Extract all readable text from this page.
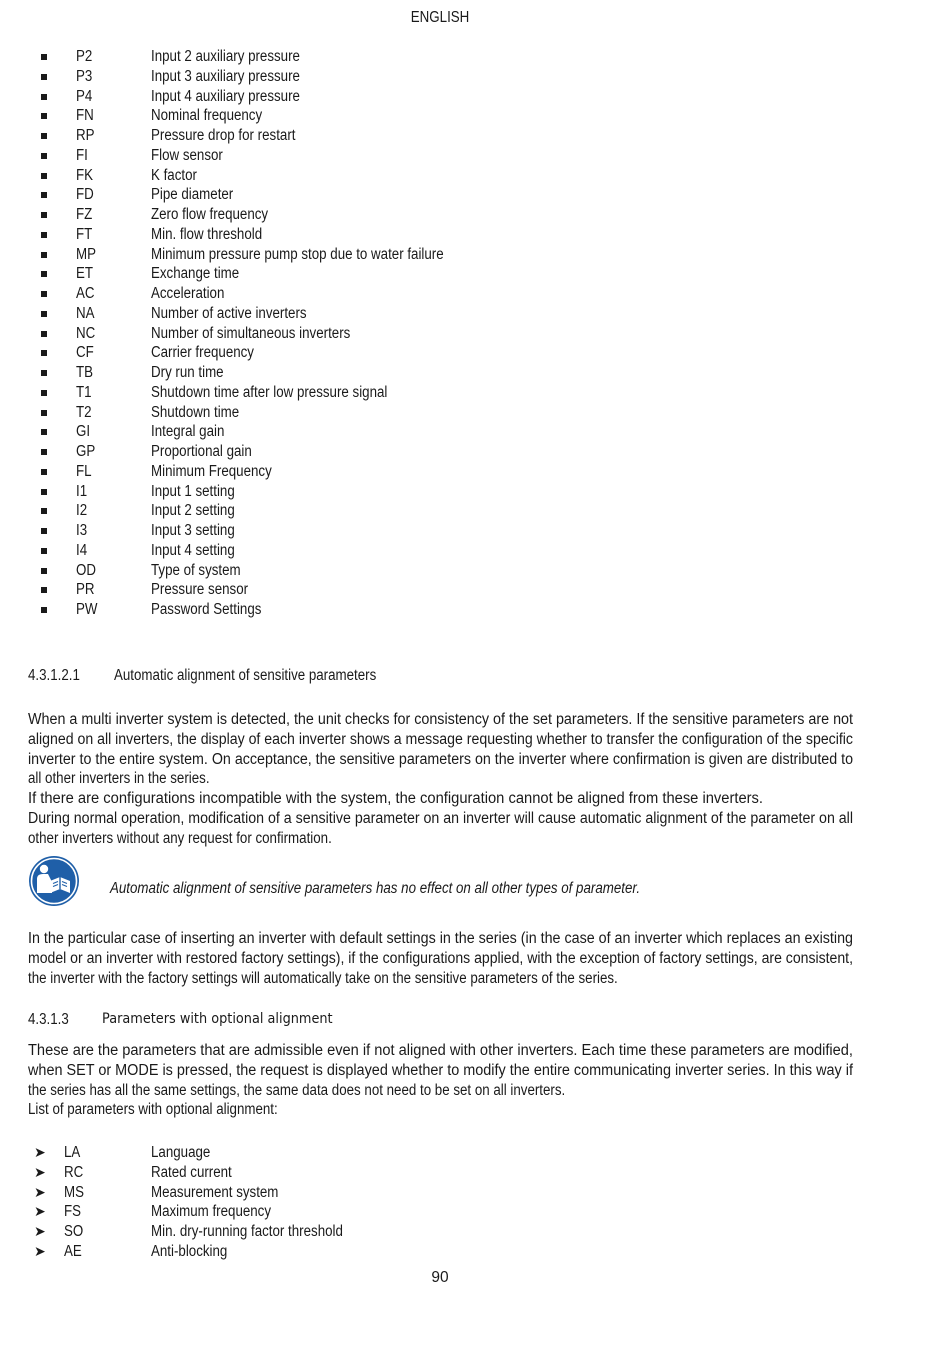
ENGLISH
P2	Input 2 auxiliary pressure
P3	Input 3 auxiliary pressure
P4	Input 4 auxiliary pressure
FN	Nominal frequency
RP	Pressure drop for restart
FI	Flow sensor
FK	K factor
FD	Pipe diameter
FZ	Zero flow frequency
FT	Min. flow threshold
MP	Minimum pressure pump stop due to water failure
ET	Exchange time
AC	Acceleration
NA	Number of active inverters
NC	Number of simultaneous inverters
CF	Carrier frequency
TB	Dry run time
T1	Shutdown time after low pressure signal
T2	Shutdown time
GI	Integral gain
GP	Proportional gain
FL	Minimum Frequency
I1	Input 1 setting
I2	Input 2 setting
I3	Input 3 setting
I4	Input 4 setting
OD	Type of system
PR	Pressure sensor
PW	Password Settings
4.3.1.2.1	Automatic alignment of sensitive parameters
When a multi inverter system is detected, the unit checks for consistency of the set parameters. If the sensitive parameters are not
aligned on all inverters, the display of each inverter shows a message requesting whether to transfer the configuration of the specific
inverter to the entire system. On acceptance, the sensitive parameters on the inverter where confirmation is given are distributed to
all other inverters in the series.
If there are configurations incompatible with the system, the configuration cannot be aligned from these inverters.
During normal operation, modification of a sensitive parameter on an inverter will cause automatic alignment of the parameter on all
other inverters without any request for confirmation.
Automatic alignment of sensitive parameters has no effect on all other types of parameter.
In the particular case of inserting an inverter with default settings in the series (in the case of an inverter which replaces an existing
model or an inverter with restored factory settings), if the configurations applied, with the exception of factory settings, are consistent,
the inverter with the factory settings will automatically take on the sensitive parameters of the series.
4.3.1.3	Parameters with optional alignment
These are the parameters that are admissible even if not aligned with other inverters. Each time these parameters are modified,
when SET or MODE is pressed, the request is displayed whether to modify the entire communicating inverter series. In this way if
the series has all the same settings, the same data does not need to be set on all inverters.
List of parameters with optional alignment:
➤ LA	Language
➤ RC	Rated current
➤ MS	Measurement system
➤ FS	Maximum frequency
➤ SO	Min. dry-running factor threshold
➤ AE	Anti-blocking
90
